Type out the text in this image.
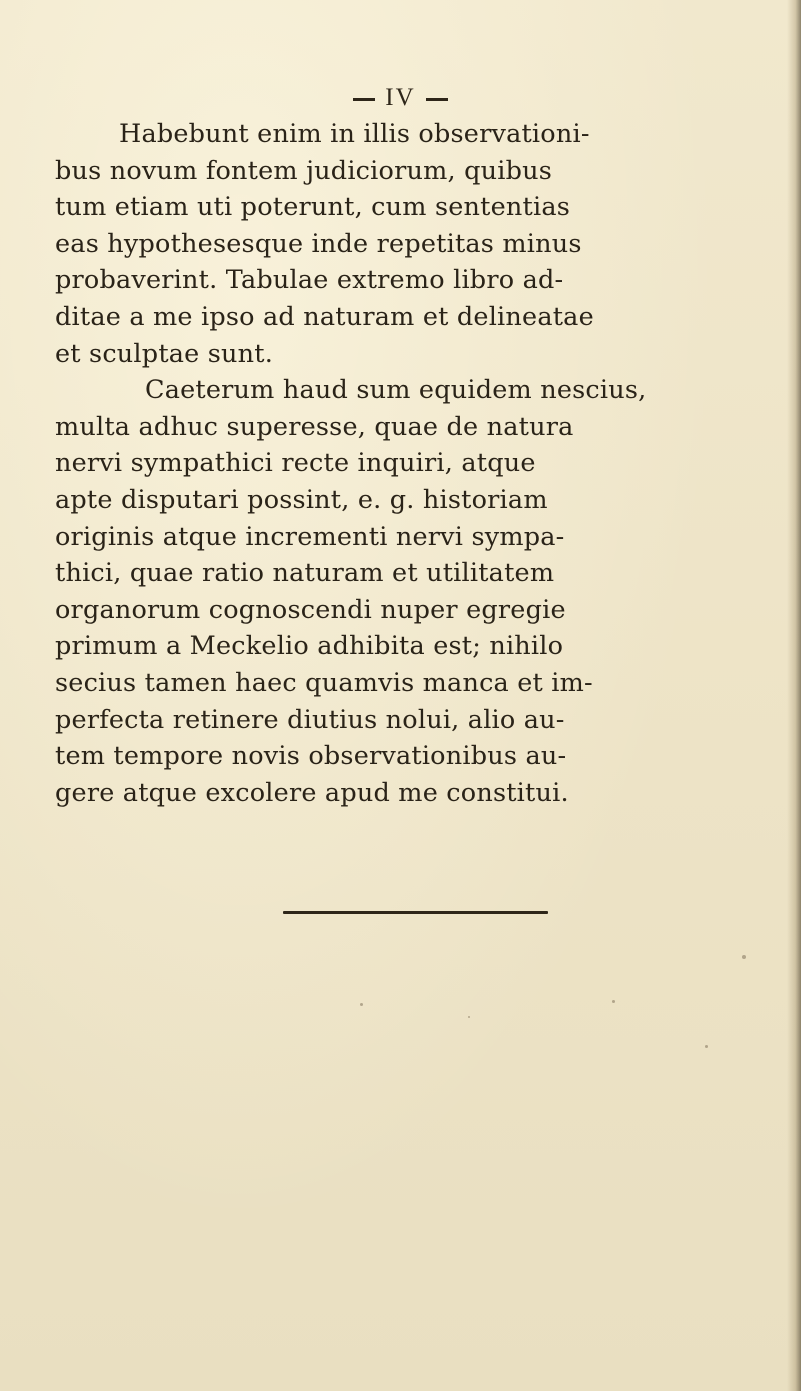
IV
Habebunt enim in illis observationi-
bus novum fontem judiciorum, quibus
tum etiam uti poterunt, cum sententias
eas hypothesesque inde repetitas minus
probaverint. Tabulae extremo libro ad-
ditae a me ipso ad naturam et delineatae
et sculptae sunt.
Caeterum haud sum equidem nescius,
multa adhuc superesse, quae de natura
nervi sympathici recte inquiri, atque
apte disputari possint, e. g. historiam
originis atque incrementi nervi sympa-
thici, quae ratio naturam et utilitatem
organorum cognoscendi nuper egregie
primum a Meckelio adhibita est; nihilo
secius tamen haec quamvis manca et im-
perfecta retinere diutius nolui, alio au-
tem tempore novis observationibus au-
gere atque excolere apud me constitui.
